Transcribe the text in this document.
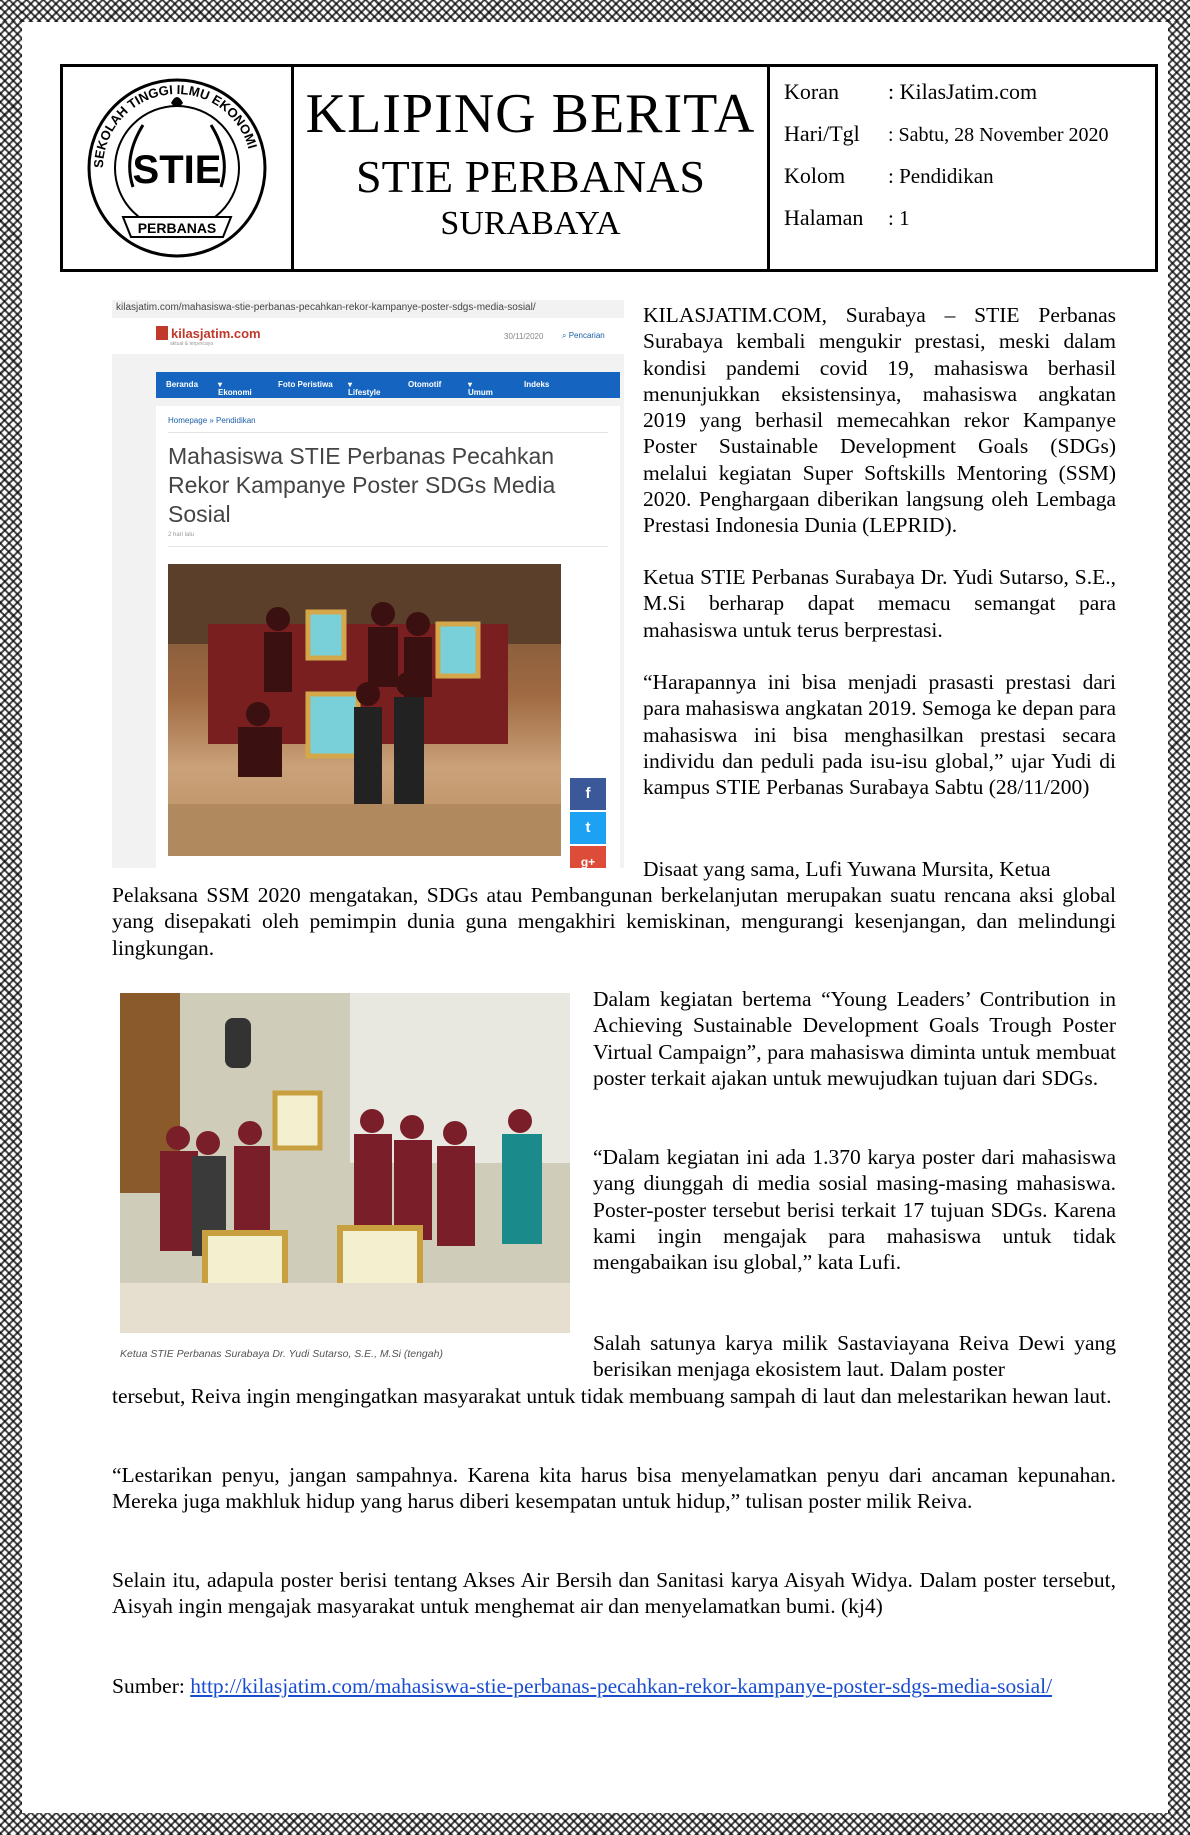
SEKOLAH TINGGI ILMU EKONOMI
STIE
PERBANAS
KLIPING BERITA
STIE PERBANAS
SURABAYA
Koran : KilasJatim.com
Hari/Tgl : Sabtu, 28 November 2020
Kolom : Pendidikan
Halaman : 1
kilasjatim.com/mahasiswa-stie-perbanas-pecahkan-rekor-kampanye-poster-sdgs-media-sosial/
kilasjatim.com
aktual & terpercaya
30/11/2020 ⌕ Pencarian
Beranda
Ekonomi
▾	Foto Peristiwa
Lifestyle
▾	Otomotif
Umum
▾	Indeks
Homepage » Pendidikan
Mahasiswa STIE Perbanas Pecahkan Rekor Kampanye Poster SDGs Media Sosial
2 hari lalu
f
t
g+
KILASJATIM.COM, Surabaya – STIE Perbanas Surabaya kembali mengukir prestasi, meski dalam kondisi pandemi covid 19, mahasiswa berhasil menunjukkan eksistensinya, mahasiswa angkatan 2019 yang berhasil memecahkan rekor Kampanye Poster Sustainable Development Goals (SDGs) melalui kegiatan Super Softskills Mentoring (SSM) 2020. Penghargaan diberikan langsung oleh Lembaga Prestasi Indonesia Dunia (LEPRID).
Ketua STIE Perbanas Surabaya Dr. Yudi Sutarso, S.E., M.Si berharap dapat memacu semangat para mahasiswa untuk terus berprestasi.
“Harapannya ini bisa menjadi prasasti prestasi dari para mahasiswa angkatan 2019. Semoga ke depan para mahasiswa ini bisa menghasilkan prestasi secara individu dan peduli pada isu-isu global,” ujar Yudi di kampus STIE Perbanas Surabaya Sabtu (28/11/200)
Disaat yang sama, Lufi Yuwana Mursita, Ketua
Pelaksana SSM 2020 mengatakan, SDGs atau Pembangunan berkelanjutan merupakan suatu rencana aksi global yang disepakati oleh pemimpin dunia guna mengakhiri kemiskinan, mengurangi kesenjangan, dan melindungi lingkungan.
Ketua STIE Perbanas Surabaya Dr. Yudi Sutarso, S.E., M.Si (tengah)
Dalam kegiatan bertema “Young Leaders’ Contribution in Achieving Sustainable Development Goals Trough Poster Virtual Campaign”, para mahasiswa diminta untuk membuat poster terkait ajakan untuk mewujudkan tujuan dari SDGs.
“Dalam kegiatan ini ada 1.370 karya poster dari mahasiswa yang diunggah di media sosial masing-masing mahasiswa. Poster-poster tersebut berisi terkait 17 tujuan SDGs. Karena kami ingin mengajak para mahasiswa untuk tidak mengabaikan isu global,” kata Lufi.
Salah satunya karya milik Sastaviayana Reiva Dewi yang berisikan menjaga ekosistem laut. Dalam poster
tersebut, Reiva ingin mengingatkan masyarakat untuk tidak membuang sampah di laut dan melestarikan hewan laut.
“Lestarikan penyu, jangan sampahnya. Karena kita harus bisa menyelamatkan penyu dari ancaman kepunahan. Mereka juga makhluk hidup yang harus diberi kesempatan untuk hidup,” tulisan poster milik Reiva.
Selain itu, adapula poster berisi tentang Akses Air Bersih dan Sanitasi karya Aisyah Widya. Dalam poster tersebut, Aisyah ingin mengajak masyarakat untuk menghemat air dan menyelamatkan bumi. (kj4)
Sumber: http://kilasjatim.com/mahasiswa-stie-perbanas-pecahkan-rekor-kampanye-poster-sdgs-media-sosial/
